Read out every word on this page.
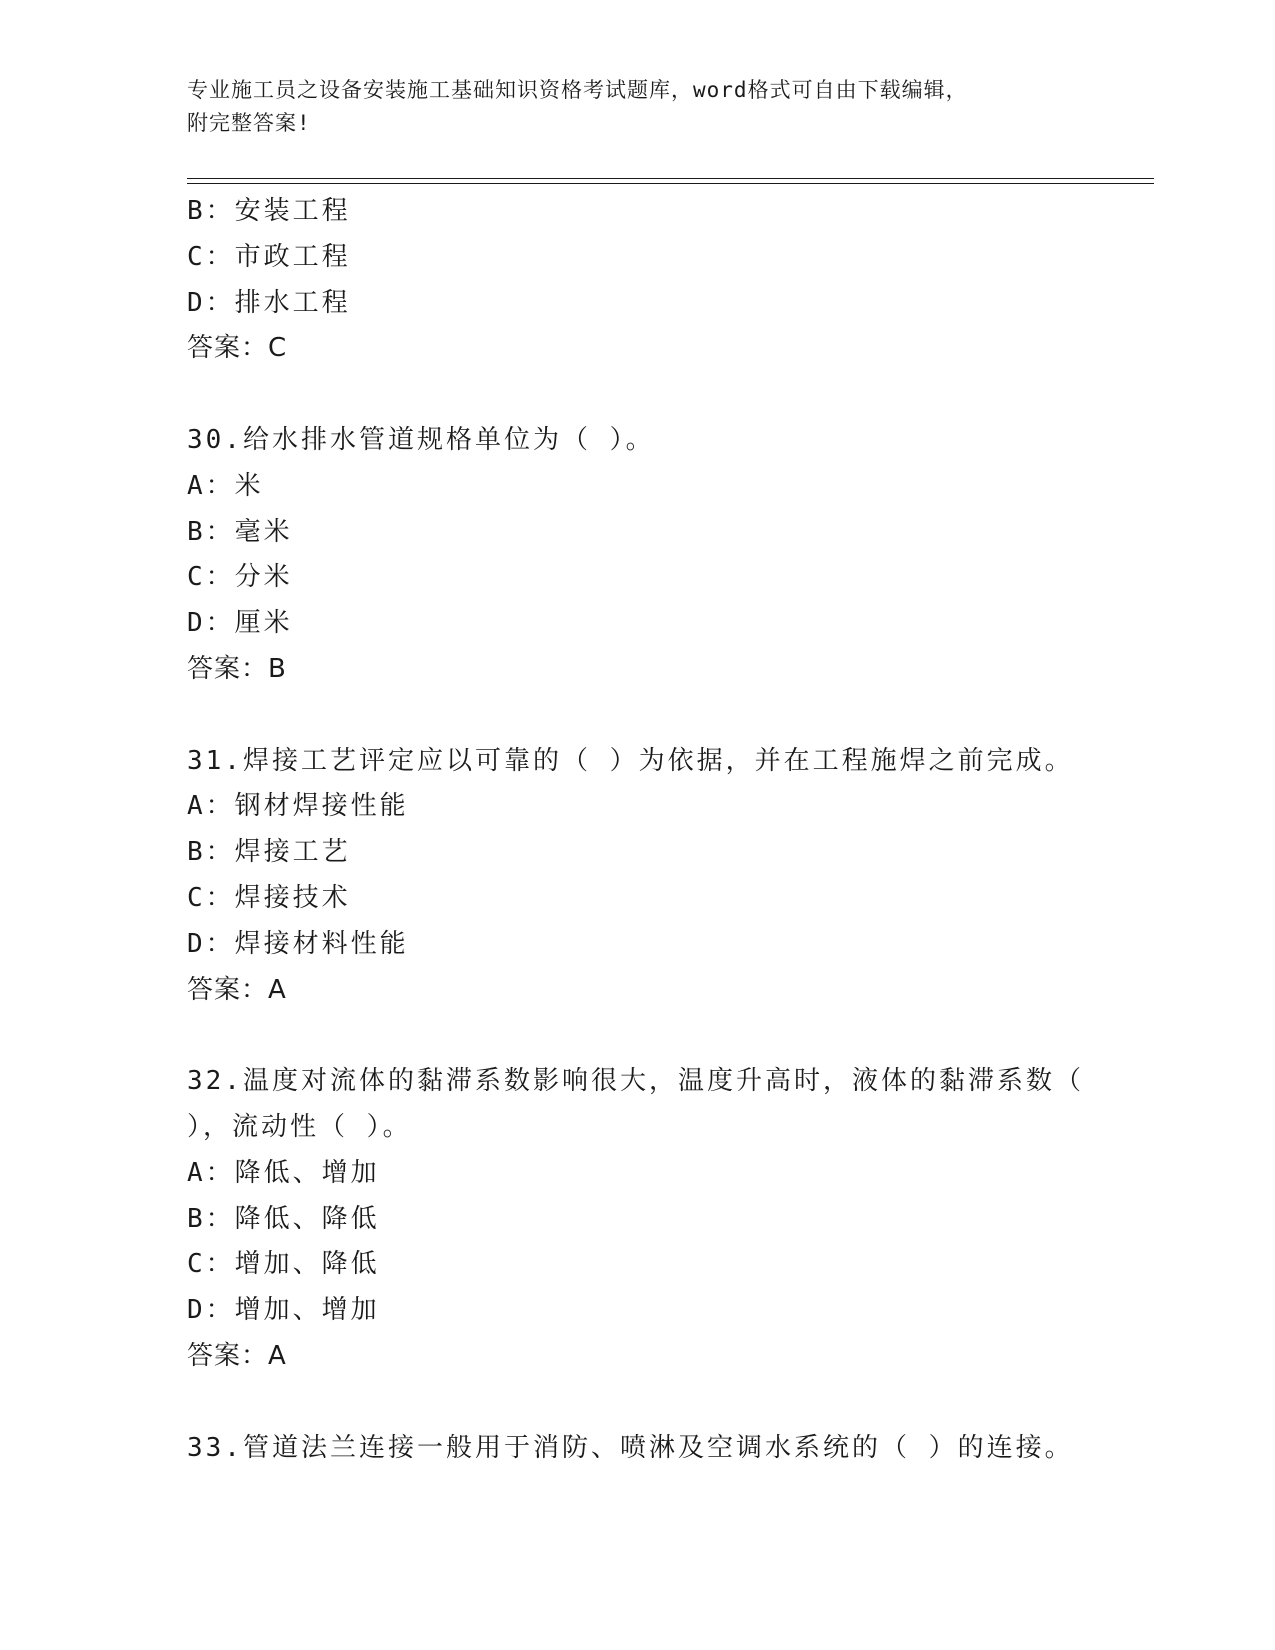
专业施工员之设备安装施工基础知识资格考试题库，word格式可自由下载编辑，
附完整答案!
B：安装工程
C：市政工程
D：排水工程
答案：C
30.给水排水管道规格单位为（ ）。
A：米
B：毫米
C：分米
D：厘米
答案：B
31.焊接工艺评定应以可靠的（ ）为依据，并在工程施焊之前完成。
A：钢材焊接性能
B：焊接工艺
C：焊接技术
D：焊接材料性能
答案：A
32.温度对流体的黏滞系数影响很大，温度升高时，液体的黏滞系数（
），流动性（ ）。
A：降低、增加
B：降低、降低
C：增加、降低
D：增加、增加
答案：A
33.管道法兰连接一般用于消防、喷淋及空调水系统的（ ）的连接。
